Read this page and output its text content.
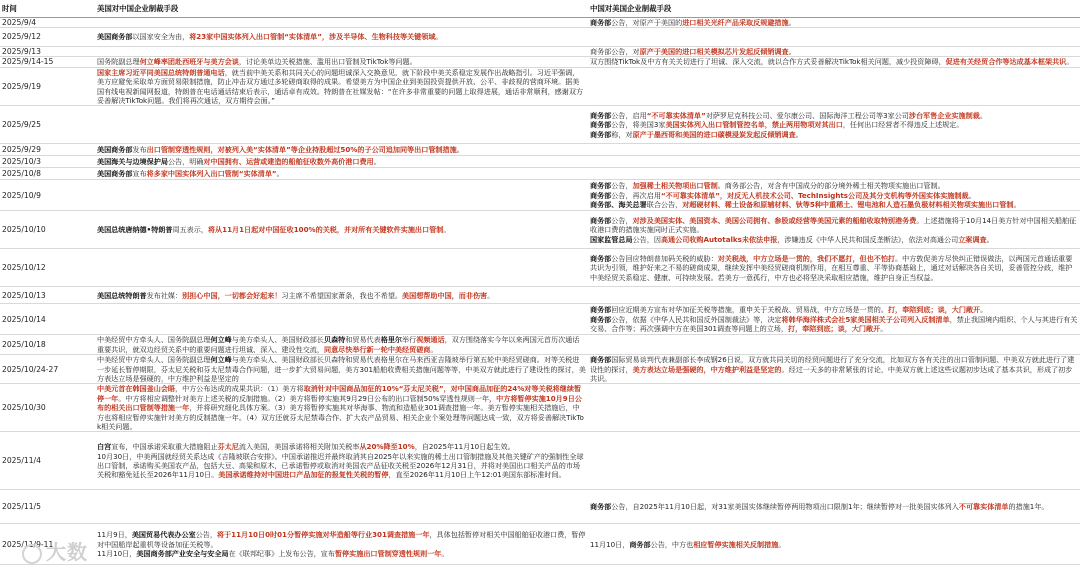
时间	美国对中国企业制裁手段	中国对美国企业制裁手段
2025/9/4		商务部公告，对原产于美国的进口相关光纤产品采取反规避措施。
2025/9/12	美国商务部以国家安全为由，将23家中国实体列入出口管制“实体清单”，涉及半导体、生物科技等关键领域。	
2025/9/13		商务部公告，对原产于美国的进口相关模拟芯片发起反倾销调查。
2025/9/14-15	国务院副总理何立峰率团赴西班牙与美方会谈，讨论美单边关税措施、滥用出口管制及TikTok等问题。	双方围绕TikTok及中方有关关切进行了坦诚、深入交流，就以合作方式妥善解决TikTok相关问题，减少投资障碍，促进有关经贸合作等达成基本框架共识。
2025/9/19	国家主席习近平同美国总统特朗普通电话，就当前中美关系和共同关心的问题坦诚深入交换意见，就下阶段中美关系稳定发展作出战略指引。习近平强调，美方应避免采取单方面贸易限制措施，防止冲击双方通过多轮磋商取得的成果。希望美方为中国企业到美国投资提供开放、公平、非歧视的营商环境。据美国有线电视新闻网报道，特朗普在电话通话结束后表示，通话卓有成效。特朗普在社媒发帖：“在许多非常重要的问题上取得进展，通话非常顺利，感谢双方妥善解决TikTok问题。我们将再次通话，双方期待会面。”	
2025/9/25		商务部公告，启用“不可靠实体清单”对萨罗尼克科技公司、爱尔康公司、国际海洋工程公司等3家公司涉台军售企业实施制裁。
商务部公告，将美国3家美国实体列入出口管制管控名单，禁止两用物项对其出口，任何出口经营者不得违反上述规定。
商务部称，对原产于墨西哥和美国的进口碳模浸炭发起反倾销调查。
2025/9/29	美国商务部发布出口管制穿透性规则，对被列入美“实体清单”等企业持股超过50%的子公司追加同等出口管制措施。	
2025/10/3	美国海关与边境保护局公告，明确对中国拥有、运营或建造的船舶征收数外高价港口费用。	
2025/10/8	美国商务部宣布将多家中国实体列入出口管制“实体清单”。	
2025/10/9		商务部公告，加强稀土相关物项出口管制。商务部公告，对含有中国成分的部分境外稀土相关物项实施出口管制。
商务部公告，再次启用“不可靠实体清单”，对反无人机技术公司、TechInsights公司及其分支机构等外国实体实施制裁。
商务部、海关总署联合公告，对超硬材料、稀土设备和原辅材料、钬等5种中重稀土、锂电池和人造石墨负极材料相关物项实施出口管制。
2025/10/10	美国总统唐纳德•特朗普周五表示，将从11月1日起对中国征收100%的关税，并对所有关键软件实施出口管制。	商务部公告，对涉及美国实体、美国资本、美国公司拥有、参股或经营等美国元素的船舶收取特别港务费。上述措施将于10月14日美方针对中国相关船舶征收港口费的措施实施同时正式实施。
国家监管总局公告，因高通公司收购Autotalks未依法申报，涉嫌违反《中华人民共和国反垄断法》，依法对高通公司立案调查。
2025/10/12		商务部公告回应特朗普加码关税的威胁：对关税战，中方立场是一贯的，我们不愿打，但也不怕打。中方敦促美方尽快纠正错误做法，以两国元首通话重要共识为引领，维护好来之不易的磋商成果，继续发挥中美经贸磋商机制作用，在相互尊重、平等协商基础上，通过对话解决各自关切，妥善管控分歧，维护中美经贸关系稳定、健康、可持续发展。若美方一意孤行，中方也必将坚决采取相应措施，维护自身正当权益。
2025/10/13	美国总统特朗普发布社媒：别担心中国，一切都会好起来！习主席不希望国家萧条，我也不希望。美国想帮助中国，而非伤害。	
2025/10/14		商务部回应近期美方宣布对华加征关税等措施，重申关于关税战、贸易战，中方立场是一贯的。打，奉陪到底；谈，大门敞开。
商务部公告，依据《中华人民共和国反外国制裁法》等，决定将韩华海洋株式会社5家美国相关子公司列入反制清单，禁止我国境内组织、个人与其进行有关交易、合作等；再次强调中方在美国301调查等问题上的立场，打，奉陪到底；谈，大门敞开。
2025/10/18	中美经贸中方牵头人、国务院副总理何立峰与美方牵头人、美国财政部长贝森特和贸易代表格里尔举行视频通话，双方围绕落实今年以来两国元首历次通话重要共识，就双边经贸关系中的重要问题进行坦诚、深入、建设性交流，同意尽快举行新一轮中美经贸磋商。	
2025/10/24-27	中美经贸中方牵头人、国务院副总理何立峰与美方牵头人、美国财政部长贝森特和贸易代表格里尔在马来西亚吉隆坡举行第五轮中美经贸磋商。对等关税进一步延长暂停期限，芬太尼关税和芬太尼禁毒合作问题，进一步扩大贸易问题，美方301船舶收费相关措施问题等等，中美双方就此进行了建设性的探讨，美方表达立场是强硬的，中方维护利益是坚定的	商务部国际贸易谈判代表兼副部长李成钢26日说，双方就共同关切的经贸问题进行了充分交流，比如双方各有关注的出口管制问题、中美双方就此进行了建设性的探讨，美方表达立场是强硬的，中方维护利益是坚定的。经过一天多的非常紧张的讨论，中美双方就上述这些议题初步达成了基本共识，形成了初步共识。
2025/10/30	中美元首在韩国釜山会晤，中方公布达成的成果共识：（1）美方将取消针对中国商品加征的10%“芬太尼关税”，对中国商品加征的24%对等关税将继续暂停一年。中方将相应调整针对美方上述关税的反制措施。（2）美方将暂停实施其9月29日公布的出口管制50%穿透性规则一年，中方将暂停实施10月9日公布的相关出口管制等措施一年，并将研究细化具体方案。（3）美方将暂停实施其对华海事、物流和造船业301调查措施一年。美方暂停实施相关措施后，中方也将相应暂停实施针对美方的反制措施一年。（4）双方还就芬太尼禁毒合作、扩大农产品贸易、相关企业个案处理等问题达成一致，双方将妥善解决TikTok相关问题。	
2025/11/4	白宫宣布，中国承诺采取重大措施阻止芬太尼流入美国，美国承诺将相关附加关税率从20%降至10%，自2025年11月10日起生效。
10月30日，中美两国就经贸关系达成《吉隆坡联合安排》。中国承诺推迟并最终取消其自2025年以来实施的稀土出口管制措施及其他关键矿产的强制性全球出口管制，承诺购买美国农产品，包括大豆、高粱和原木，已承诺暂停或取消对美国农产品征收关税至2026年12月31日，并将对美国出口相关产品的市场关税和豁免延长至2026年11月10日。美国承诺维持对中国进口产品加征的报复性关税的暂停，直至2026年11月10日上午12:01美国东部标准时间。	
2025/11/5		商务部公告，自2025年11月10日起，对31家美国实体继续暂停两用物项出口限制1年；继续暂停对一批美国实体列入不可靠实体清单的措施1年。
2025/11/9-11	11月9日，美国贸易代表办公室公告，将于11月10日0时01分暂停实施对华造船等行业301调查措施一年，具体包括暂停对相关中国船舶征收港口费，暂停对中国船岸起重机等设备加征关税等。
11月10日，美国商务部产业安全与安全局在《联邦纪事》上发布公告，宣布暂停实施出口管制穿透性规则一年。	11月10日，商务部公告，中方也相应暂停实施相关反制措施。
大数
